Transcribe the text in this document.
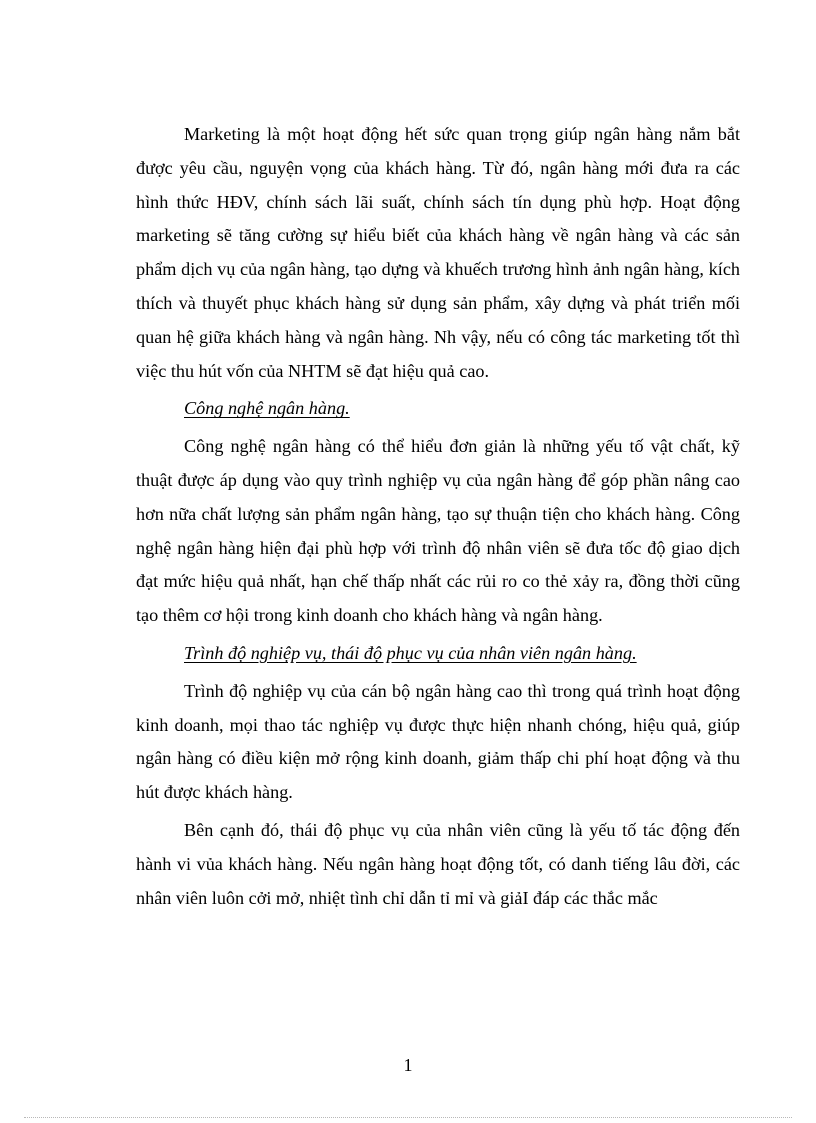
Marketing là một hoạt động hết sức quan trọng giúp ngân hàng nắm bắt được yêu cầu, nguyện vọng của khách hàng. Từ đó, ngân hàng mới đưa ra các hình thức HĐV, chính sách lãi suất, chính sách tín dụng phù hợp. Hoạt động marketing sẽ tăng cường sự hiểu biết của khách hàng về ngân hàng và các sản phẩm dịch vụ của ngân hàng, tạo dựng và khuếch trương hình ảnh ngân hàng, kích thích và thuyết phục khách hàng sử dụng sản phẩm, xây dựng và phát triển mối quan hệ giữa khách hàng và ngân hàng. Nh vậy, nếu có công tác marketing tốt thì việc thu hút vốn của NHTM sẽ đạt hiệu quả cao.

Công nghệ ngân hàng.

Công nghệ ngân hàng có thể hiểu đơn giản là những yếu tố vật chất, kỹ thuật được áp dụng vào quy trình nghiệp vụ của ngân hàng để góp phần nâng cao hơn nữa chất lượng sản phẩm ngân hàng, tạo sự thuận tiện cho khách hàng. Công nghệ ngân hàng hiện đại phù hợp với trình độ nhân viên sẽ đưa tốc độ giao dịch đạt mức hiệu quả nhất, hạn chế thấp nhất các rủi ro co thẻ xảy ra, đồng thời cũng tạo thêm cơ hội trong kinh doanh cho khách hàng và ngân hàng.

Trình độ nghiệp vụ, thái độ phục vụ của nhân viên ngân hàng.

Trình độ nghiệp vụ của cán bộ ngân hàng cao thì trong quá trình hoạt động kinh doanh, mọi thao tác nghiệp vụ được thực hiện nhanh chóng, hiệu quả, giúp ngân hàng có điều kiện mở rộng kinh doanh, giảm thấp chi phí hoạt động và thu hút được khách hàng.

Bên cạnh đó, thái độ phục vụ của nhân viên cũng là yếu tố tác động đến hành vi vủa khách hàng. Nếu ngân hàng hoạt động tốt, có danh tiếng lâu đời, các nhân viên luôn cởi mở, nhiệt tình chỉ dẫn tỉ mỉ và giảI đáp các thắc mắc

1
